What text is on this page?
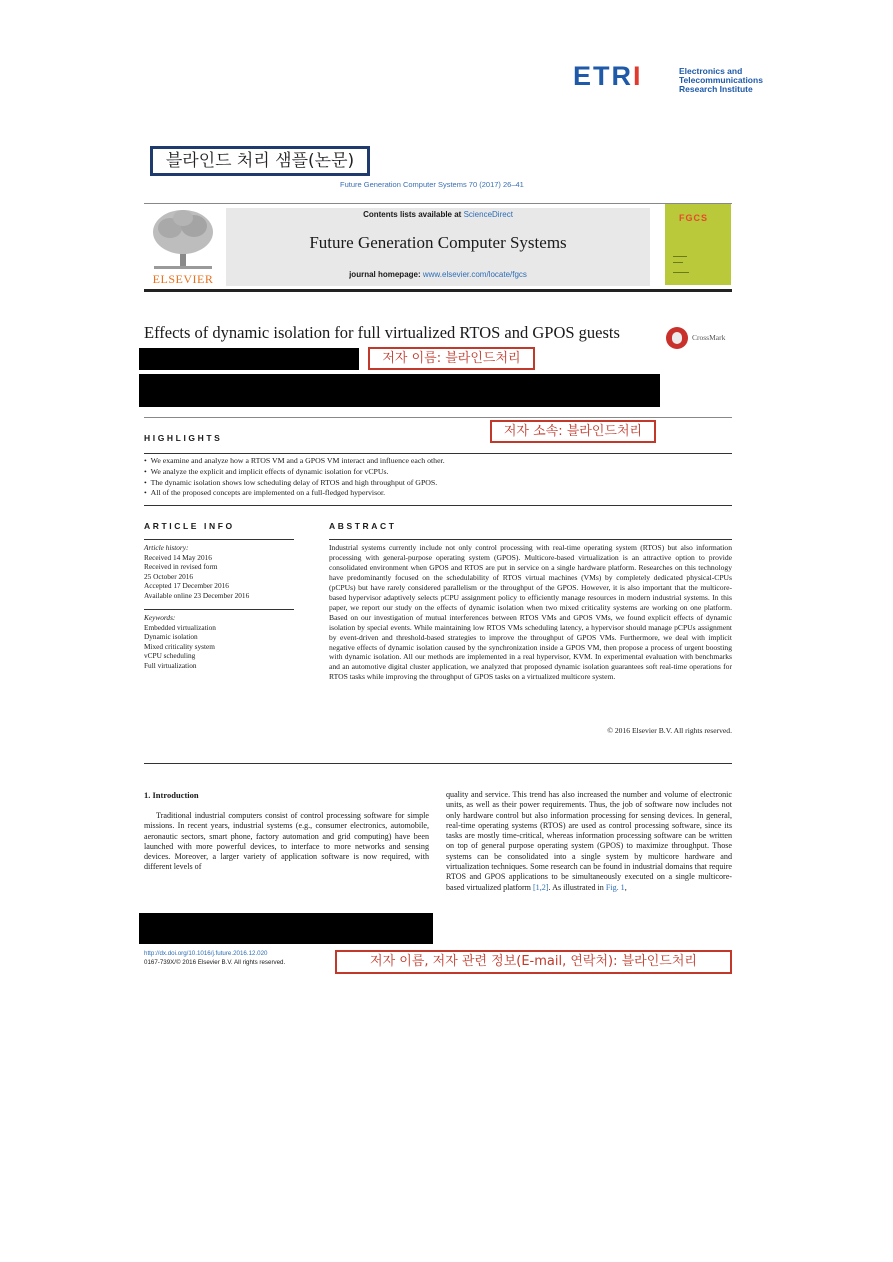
ETRI	Electronics and Telecommunications
Research Institute
블라인드 처리 샘플(논문)
Future Generation Computer Systems 70 (2017) 26–41
ELSEVIER
Contents lists available at ScienceDirect
Future Generation Computer Systems
journal homepage: www.elsevier.com/locate/fgcs
FGCS
Effects of dynamic isolation for full virtualized RTOS and GPOS guests	CrossMark
저자 이름: 블라인드처리
저자 소속: 블라인드처리
HIGHLIGHTS
•  We examine and analyze how a RTOS VM and a GPOS VM interact and influence each other.
•  We analyze the explicit and implicit effects of dynamic isolation for vCPUs.
•  The dynamic isolation shows low scheduling delay of RTOS and high throughput of GPOS.
•  All of the proposed concepts are implemented on a full-fledged hypervisor.
ARTICLE INFO
Article history:
Received 14 May 2016
Received in revised form
25 October 2016
Accepted 17 December 2016
Available online 23 December 2016
Keywords:
Embedded virtualization
Dynamic isolation
Mixed criticality system
vCPU scheduling
Full virtualization
ABSTRACT
Industrial systems currently include not only control processing with real-time operating system (RTOS) but also information processing with general-purpose operating system (GPOS). Multicore-based virtualization is an attractive option to provide consolidated environment when GPOS and RTOS are put in service on a single hardware platform. Researches on this technology have predominantly focused on the schedulability of RTOS virtual machines (VMs) by completely dedicated physical-CPUs (pCPUs) but have rarely considered parallelism or the throughput of the GPOS. However, it is also important that the multicore-based hypervisor adaptively selects pCPU assignment policy to efficiently manage resources in modern industrial systems. In this paper, we report our study on the effects of dynamic isolation when two mixed criticality systems are working on one platform. Based on our investigation of mutual interferences between RTOS VMs and GPOS VMs, we found explicit effects of dynamic isolation by special events. While maintaining low RTOS VMs scheduling latency, a hypervisor should manage pCPUs assignment by event-driven and threshold-based strategies to improve the throughput of GPOS VMs. Furthermore, we deal with implicit negative effects of dynamic isolation caused by the synchronization inside a GPOS VM, then propose a process of urgent boosting with dynamic isolation. All our methods are implemented in a real hypervisor, KVM. In experimental evaluation with benchmarks and an automotive digital cluster application, we analyzed that proposed dynamic isolation guarantees soft real-time operations for RTOS tasks while improving the throughput of GPOS tasks on a virtualized multicore system.
© 2016 Elsevier B.V. All rights reserved.
1. Introduction
Traditional industrial computers consist of control processing software for simple missions. In recent years, industrial systems (e.g., consumer electronics, automobile, aeronautic sectors, smart phone, factory automation and grid computing) have been launched with more powerful devices, to interface to more networks and sensing devices. Moreover, a larger variety of application software is now required, with different levels of
quality and service. This trend has also increased the number and volume of electronic units, as well as their power requirements. Thus, the job of software now includes not only hardware control but also information processing for sensing devices. In general, real-time operating systems (RTOS) are used as control processing software, since its tasks are mostly time-critical, whereas information processing software can be written on top of general purpose operating system (GPOS) to maximize throughput. Those systems can be consolidated into a single system by multicore hardware and virtualization techniques. Some research can be found in industrial domains that require RTOS and GPOS applications to be simultaneously executed on a single multicore-based virtualized platform [1,2]. As illustrated in Fig. 1,
http://dx.doi.org/10.1016/j.future.2016.12.020
0167-739X/© 2016 Elsevier B.V. All rights reserved.	저자 이름, 저자 관련 정보(E-mail, 연락처): 블라인드처리
